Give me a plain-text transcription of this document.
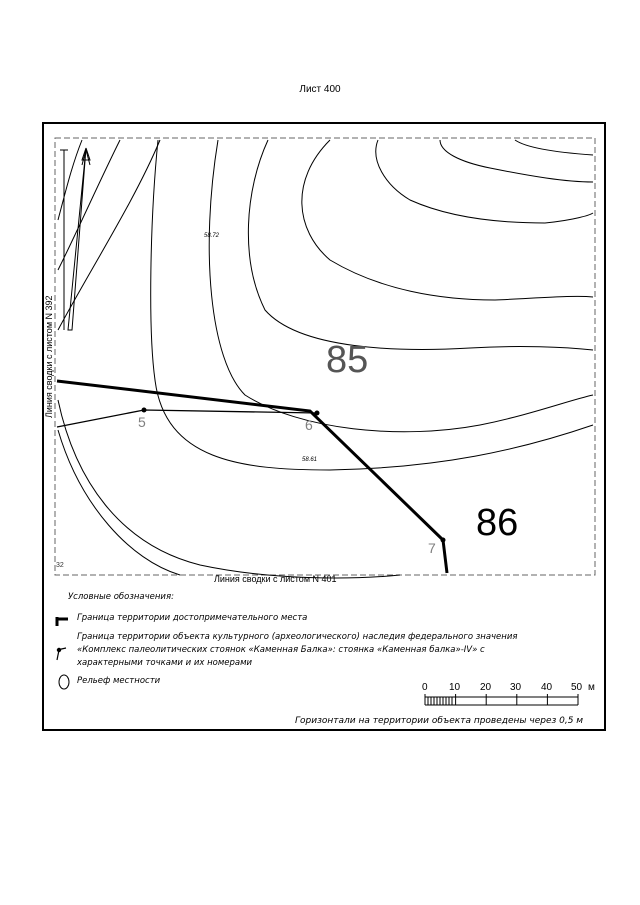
Лист 400
Линия сводки с листом N 392
Линия сводки с листом N 401
32
85
86
5	6
7
58.72
58.61
Условные обозначения:
Граница территории достопримечательного места
Граница территории объекта культурного (археологического) наследия федерального значения
«Комплекс палеолитических стоянок «Каменная Балка»: стоянка «Каменная балка»-IV» с
характерными точками и их номерами
Рельеф местности
0 10 20 30 40 50 м
Горизонтали на территории объекта проведены через 0,5 м
